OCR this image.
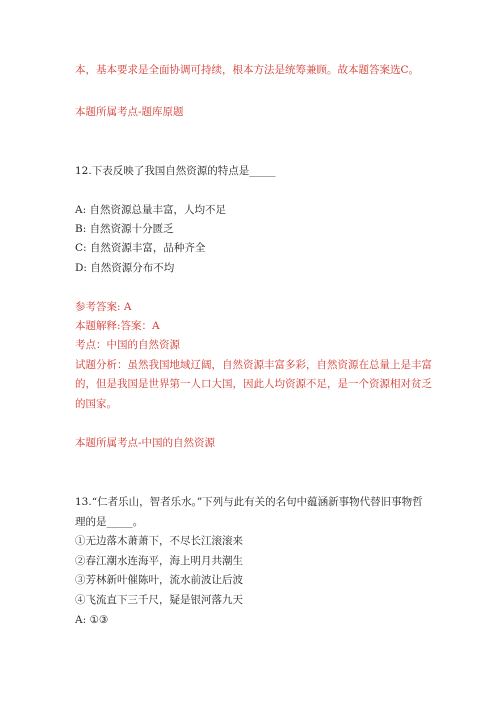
本，基本要求是全面协调可持续，根本方法是统筹兼顾。故本题答案选C。
本题所属考点-题库原题
12.下表反映了我国自然资源的特点是_____
A: 自然资源总量丰富，人均不足
B: 自然资源十分匮乏
C: 自然资源丰富，品种齐全
D: 自然资源分布不均
参考答案: A
本题解释:答案：A
考点：中国的自然资源
试题分析：虽然我国地域辽阔，自然资源丰富多彩，自然资源在总量上是丰富
的，但是我国是世界第一人口大国，因此人均资源不足，是一个资源相对贫乏
的国家。
本题所属考点-中国的自然资源
13.“仁者乐山，智者乐水。”下列与此有关的名句中蕴涵新事物代替旧事物哲
理的是_____。
①无边落木萧萧下，不尽长江滚滚来
②春江潮水连海平，海上明月共潮生
③芳林新叶催陈叶，流水前波让后波
④飞流直下三千尺，疑是银河落九天
A: ①③
